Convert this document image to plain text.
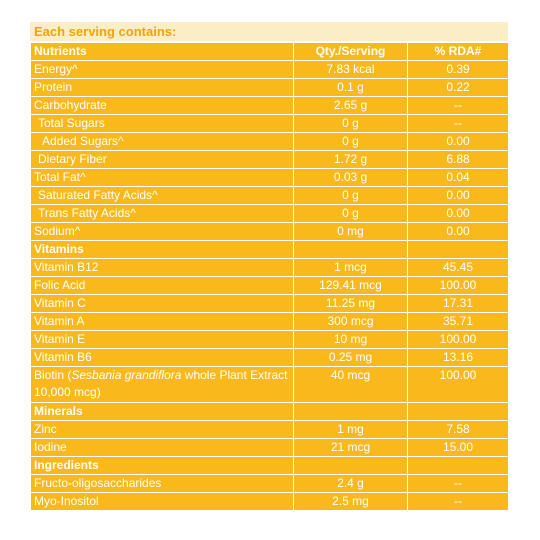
Each serving contains:
Nutrients	Qty./Serving	% RDA#
Energy^	7.83 kcal	0.39
Protein	0.1 g	0.22
Carbohydrate	2.65 g	--
Total Sugars	0 g	--
Added Sugars^	0 g	0.00
Dietary Fiber	1.72 g	6.88
Total Fat^	0.03 g	0.04
Saturated Fatty Acids^	0 g	0.00
Trans Fatty Acids^	0 g	0.00
Sodium^	0 mg	0.00
Vitamins		
Vitamin B12	1 mcg	45.45
Folic Acid	129.41 mcg	100.00
Vitamin C	11.25 mg	17.31
Vitamin A	300 mcg	35.71
Vitamin E	10 mg	100.00
Vitamin B6	0.25 mg	13.16
Biotin (Sesbania grandiflora whole Plant Extract 10,000 mcg)	40 mcg	100.00
Minerals		
Zinc	1 mg	7.58
Iodine	21 mcg	15.00
Ingredients		
Fructo-oligosaccharides	2.4 g	--
Myo-Inositol	2.5 mg	--
